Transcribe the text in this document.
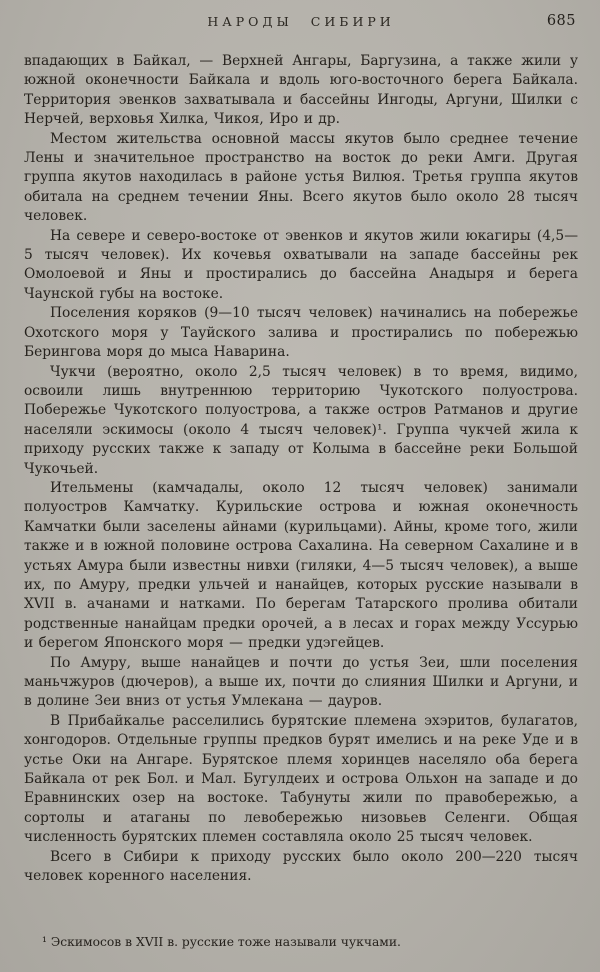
НАРОДЫ СИБИРИ	685

впадающих в Байкал, — Верхней Ангары, Баргузина, а также жили у южной оконечности Байкала и вдоль юго-восточного берега Байкала. Территория эвенков захватывала и бассейны Ингоды, Аргуни, Шилки с Нерчей, верховья Хилка, Чикоя, Иро и др.

Местом жительства основной массы якутов было среднее течение Лены и значительное пространство на восток до реки Амги. Другая группа якутов находилась в районе устья Вилюя. Третья группа якутов обитала на среднем течении Яны. Всего якутов было около 28 тысяч человек.

На севере и северо-востоке от эвенков и якутов жили юкагиры (4,5—5 тысяч человек). Их кочевья охватывали на западе бассейны рек Омолоевой и Яны и простирались до бассейна Анадыря и берега Чаунской губы на востоке.

Поселения коряков (9—10 тысяч человек) начинались на побережье Охотского моря у Тауйского залива и простирались по побережью Берингова моря до мыса Наварина.

Чукчи (вероятно, около 2,5 тысяч человек) в то время, видимо, освоили лишь внутреннюю территорию Чукотского полуострова. Побережье Чукотского полуострова, а также остров Ратманов и другие населяли эскимосы (около 4 тысяч человек)¹. Группа чукчей жила к приходу русских также к западу от Колыма в бассейне реки Большой Чукочьей.

Ительмены (камчадалы, около 12 тысяч человек) занимали полуостров Камчатку. Курильские острова и южная оконечность Камчатки были заселены айнами (курильцами). Айны, кроме того, жили также и в южной половине острова Сахалина. На северном Сахалине и в устьях Амура были известны нивхи (гиляки, 4—5 тысяч человек), а выше их, по Амуру, предки ульчей и нанайцев, которых русские называли в XVII в. ачанами и натками. По берегам Татарского пролива обитали родственные нанайцам предки орочей, а в лесах и горах между Уссурью и берегом Японского моря — предки удэгейцев.

По Амуру, выше нанайцев и почти до устья Зеи, шли поселения маньчжуров (дючеров), а выше их, почти до слияния Шилки и Аргуни, и в долине Зеи вниз от устья Умлекана — дауров.

В Прибайкалье расселились бурятские племена эхэритов, булагатов, хонгодоров. Отдельные группы предков бурят имелись и на реке Уде и в устье Оки на Ангаре. Бурятское племя хоринцев населяло оба берега Байкала от рек Бол. и Мал. Бугулдеих и острова Ольхон на западе и до Еравнинских озер на востоке. Табунуты жили по правобережью, а сортолы и атаганы по левобережью низовьев Селенги. Общая численность бурятских племен составляла около 25 тысяч человек.

Всего в Сибири к приходу русских было около 200—220 тысяч человек коренного населения.

¹ Эскимосов в XVII в. русские тоже называли чукчами.
